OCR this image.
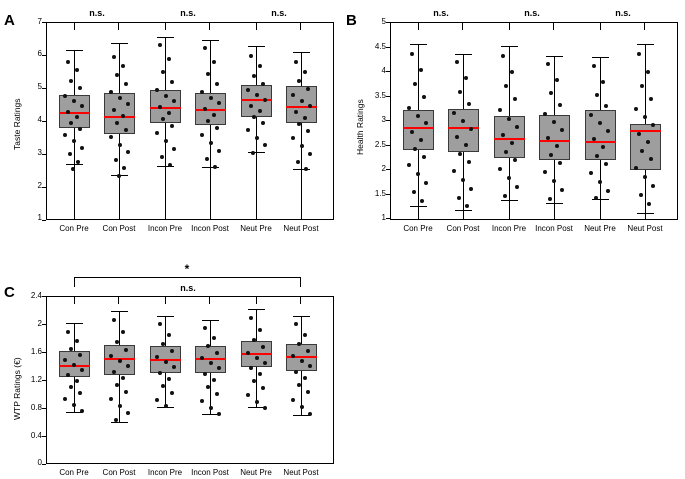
A
Taste Ratings
7
6
5
4
3
2
1
n.s.	n.s.	n.s.
Con Pre	Con Post	Incon Pre	Incon Post	Neut Pre	Neut Post
B
Health Ratings
5
4.5
4
3.5
3
2.5
2
1.5
1
n.s.	n.s.	n.s.
Con Pre	Con Post	Incon Pre	Incon Post	Neut Pre	Neut Post
C
WTP Ratings (€)
2.4
2
1.6
1.2
0.8
0.4
0
*
n.s.
Con Pre	Con Post	Incon Pre	Incon Post	Neut Pre	Neut Post
